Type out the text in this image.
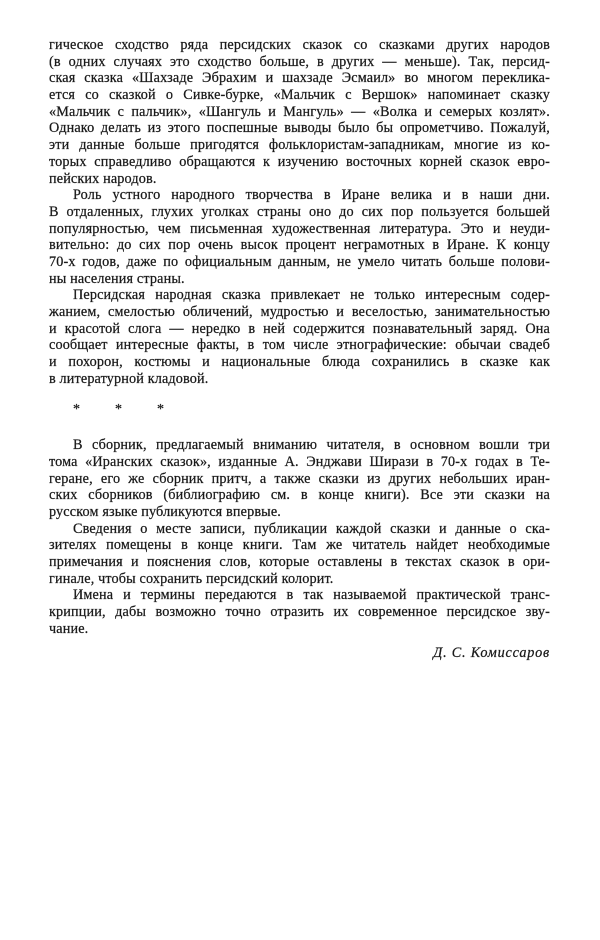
гическое сходство ряда персидских сказок со сказками других народов
(в одних случаях это сходство больше, в других — меньше). Так, персид-
ская сказка «Шахзаде Эбрахим и шахзаде Эсмаил» во многом переклика-
ется со сказкой о Сивке-бурке, «Мальчик с Вершок» напоминает сказку
«Мальчик с пальчик», «Шангуль и Мангуль» — «Волка и семерых козлят».
Однако делать из этого поспешные выводы было бы опрометчиво. Пожалуй,
эти данные больше пригодятся фольклористам-западникам, многие из ко-
торых справедливо обращаются к изучению восточных корней сказок евро-
пейских народов.
Роль устного народного творчества в Иране велика и в наши дни.
В отдаленных, глухих уголках страны оно до сих пор пользуется большей
популярностью, чем письменная художественная литература. Это и неуди-
вительно: до сих пор очень высок процент неграмотных в Иране. К концу
70-х годов, даже по официальным данным, не умело читать больше полови-
ны населения страны.
Персидская народная сказка привлекает не только интересным содер-
жанием, смелостью обличений, мудростью и веселостью, занимательностью
и красотой слога — нередко в ней содержится познавательный заряд. Она
сообщает интересные факты, в том числе этнографические: обычаи свадеб
и похорон, костюмы и национальные блюда сохранились в сказке как
в литературной кладовой.
* * *
В сборник, предлагаемый вниманию читателя, в основном вошли три
тома «Иранских сказок», изданные А. Энджави Ширази в 70-х годах в Те-
геране, его же сборник притч, а также сказки из других небольших иран-
ских сборников (библиографию см. в конце книги). Все эти сказки на
русском языке публикуются впервые.
Сведения о месте записи, публикации каждой сказки и данные о ска-
зителях помещены в конце книги. Там же читатель найдет необходимые
примечания и пояснения слов, которые оставлены в текстах сказок в ори-
гинале, чтобы сохранить персидский колорит.
Имена и термины передаются в так называемой практической транс-
крипции, дабы возможно точно отразить их современное персидское зву-
чание.
Д. С. Комиссаров
